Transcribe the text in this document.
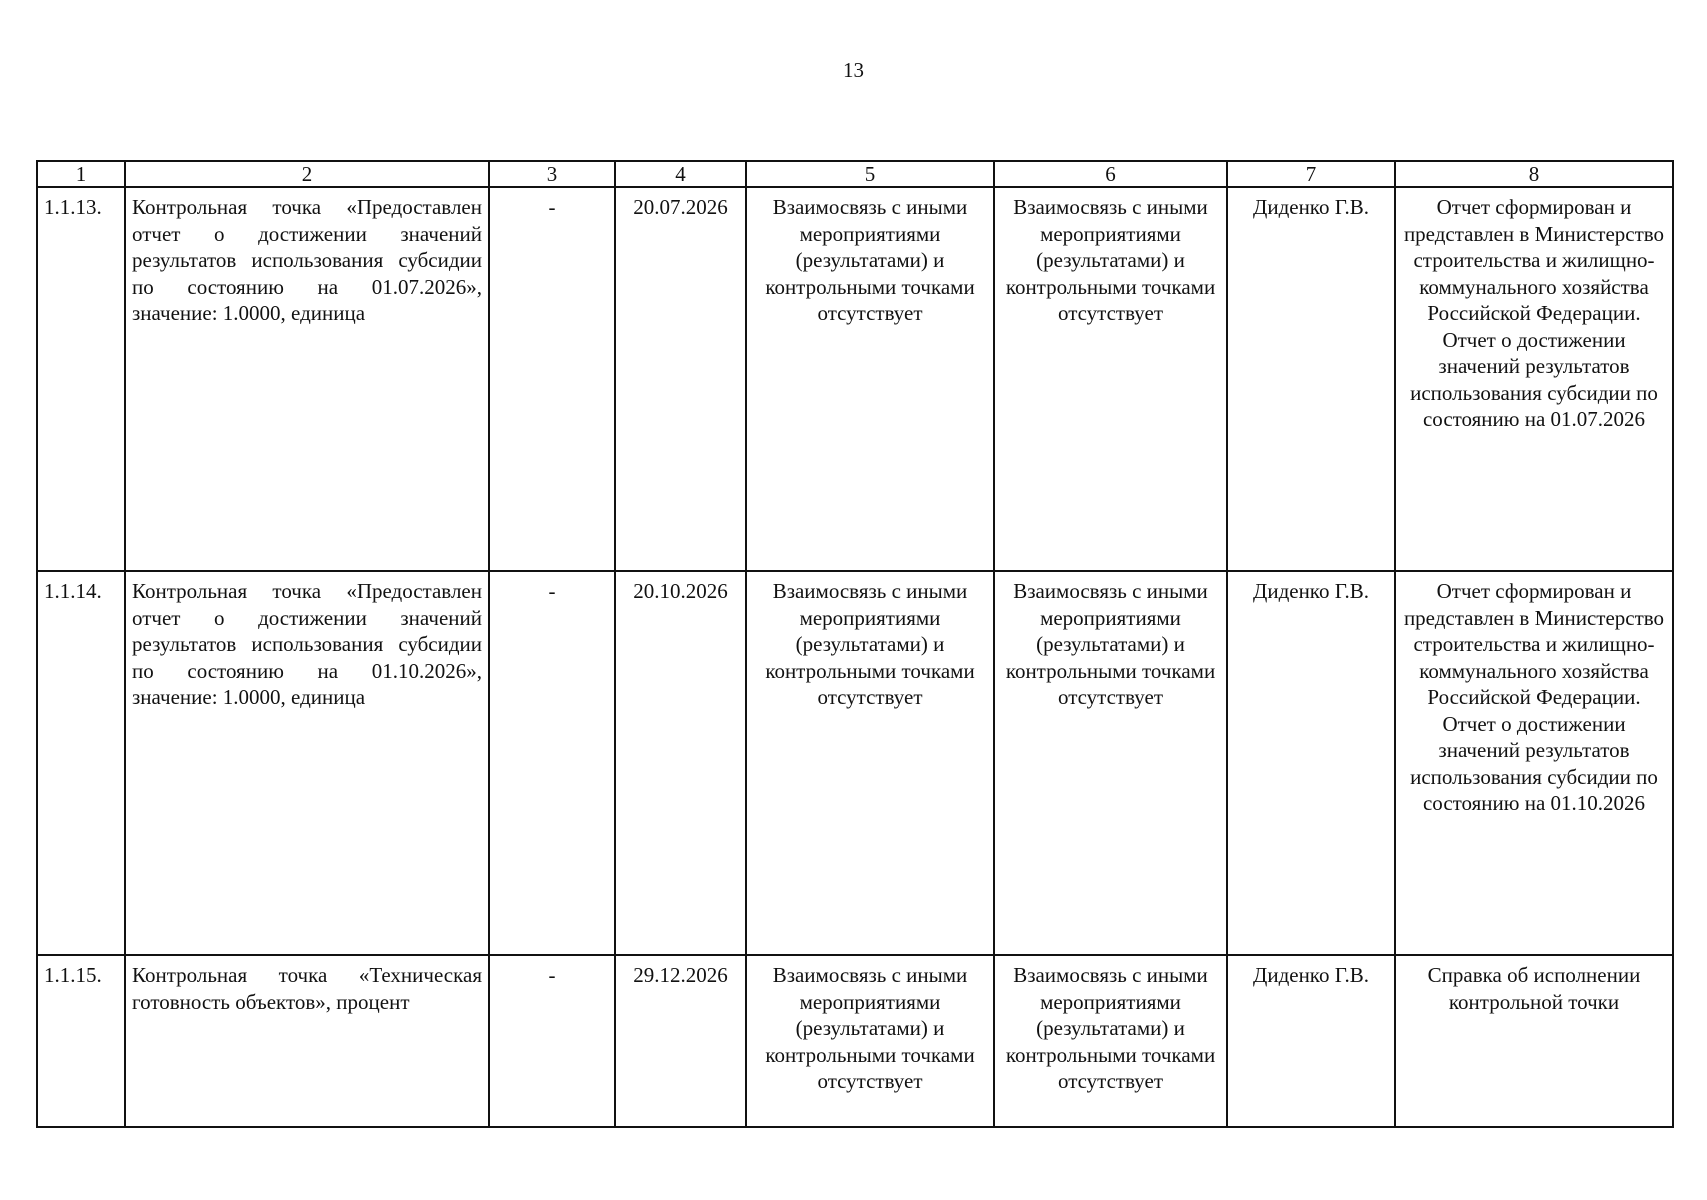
13
1	2	3	4	5	6	7	8
1.1.13.	Контрольная точка «Предоставлен отчет о достижении значений результатов использования субсидии по состоянию на 01.07.2026», значение: 1.0000, единица	-	20.07.2026	Взаимосвязь с иными мероприятиями (результатами) и контрольными точками отсутствует	Взаимосвязь с иными мероприятиями (результатами) и контрольными точками отсутствует	Диденко Г.В.	Отчет сформирован и представлен в Министерство строительства и жилищно-коммунального хозяйства Российской Федерации. Отчет о достижении значений результатов использования субсидии по состоянию на 01.07.2026
1.1.14.	Контрольная точка «Предоставлен отчет о достижении значений результатов использования субсидии по состоянию на 01.10.2026», значение: 1.0000, единица	-	20.10.2026	Взаимосвязь с иными мероприятиями (результатами) и контрольными точками отсутствует	Взаимосвязь с иными мероприятиями (результатами) и контрольными точками отсутствует	Диденко Г.В.	Отчет сформирован и представлен в Министерство строительства и жилищно-коммунального хозяйства Российской Федерации. Отчет о достижении значений результатов использования субсидии по состоянию на 01.10.2026
1.1.15.	Контрольная точка «Техническая готовность объектов», процент	-	29.12.2026	Взаимосвязь с иными мероприятиями (результатами) и контрольными точками отсутствует	Взаимосвязь с иными мероприятиями (результатами) и контрольными точками отсутствует	Диденко Г.В.	Справка об исполнении контрольной точки
